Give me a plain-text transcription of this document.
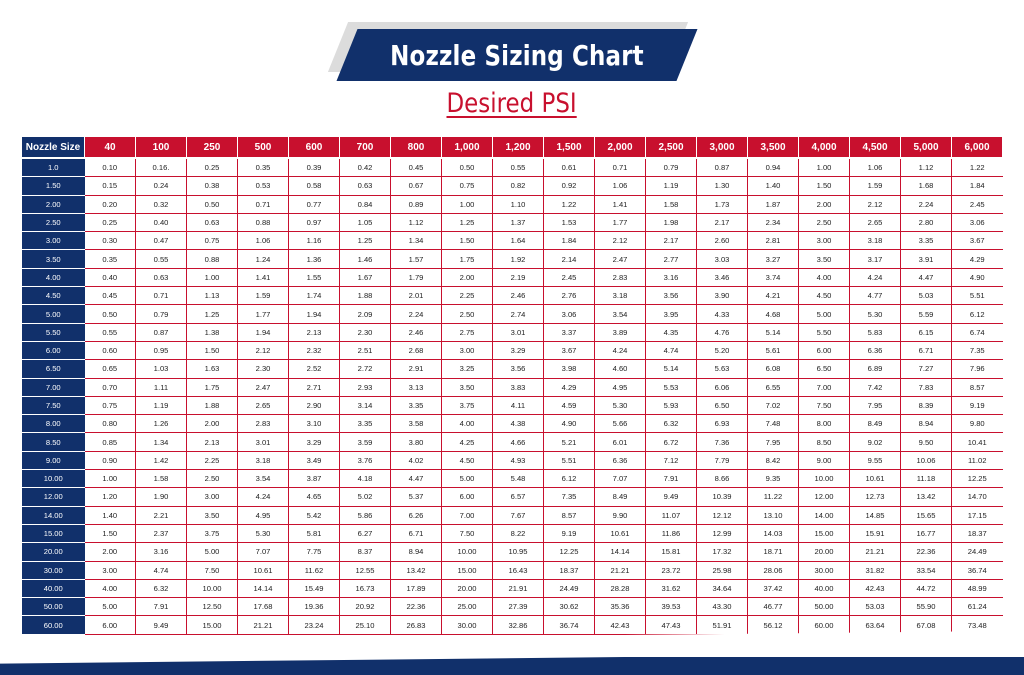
Nozzle Sizing Chart
Desired PSI
Nozzle Size	40	100	250	500	600	700	800	1,000	1,200	1,500	2,000	2,500	3,000	3,500	4,000	4,500	5,000	6,000
1.0	0.10	0.16.	0.25	0.35	0.39	0.42	0.45	0.50	0.55	0.61	0.71	0.79	0.87	0.94	1.00	1.06	1.12	1.22
1.50	0.15	0.24	0.38	0.53	0.58	0.63	0.67	0.75	0.82	0.92	1.06	1.19	1.30	1.40	1.50	1.59	1.68	1.84
2.00	0.20	0.32	0.50	0.71	0.77	0.84	0.89	1.00	1.10	1.22	1.41	1.58	1.73	1.87	2.00	2.12	2.24	2.45
2.50	0.25	0.40	0.63	0.88	0.97	1.05	1.12	1.25	1.37	1.53	1.77	1.98	2.17	2.34	2.50	2.65	2.80	3.06
3.00	0.30	0.47	0.75	1.06	1.16	1.25	1.34	1.50	1.64	1.84	2.12	2.17	2.60	2.81	3.00	3.18	3.35	3.67
3.50	0.35	0.55	0.88	1.24	1.36	1.46	1.57	1.75	1.92	2.14	2.47	2.77	3.03	3.27	3.50	3.17	3.91	4.29
4.00	0.40	0.63	1.00	1.41	1.55	1.67	1.79	2.00	2.19	2.45	2.83	3.16	3.46	3.74	4.00	4.24	4.47	4.90
4.50	0.45	0.71	1.13	1.59	1.74	1.88	2.01	2.25	2.46	2.76	3.18	3.56	3.90	4.21	4.50	4.77	5.03	5.51
5.00	0.50	0.79	1.25	1.77	1.94	2.09	2.24	2.50	2.74	3.06	3.54	3.95	4.33	4.68	5.00	5.30	5.59	6.12
5.50	0.55	0.87	1.38	1.94	2.13	2.30	2.46	2.75	3.01	3.37	3.89	4.35	4.76	5.14	5.50	5.83	6.15	6.74
6.00	0.60	0.95	1.50	2.12	2.32	2.51	2.68	3.00	3.29	3.67	4.24	4.74	5.20	5.61	6.00	6.36	6.71	7.35
6.50	0.65	1.03	1.63	2.30	2.52	2.72	2.91	3.25	3.56	3.98	4.60	5.14	5.63	6.08	6.50	6.89	7.27	7.96
7.00	0.70	1.11	1.75	2.47	2.71	2.93	3.13	3.50	3.83	4.29	4.95	5.53	6.06	6.55	7.00	7.42	7.83	8.57
7.50	0.75	1.19	1.88	2.65	2.90	3.14	3.35	3.75	4.11	4.59	5.30	5.93	6.50	7.02	7.50	7.95	8.39	9.19
8.00	0.80	1.26	2.00	2.83	3.10	3.35	3.58	4.00	4.38	4.90	5.66	6.32	6.93	7.48	8.00	8.49	8.94	9.80
8.50	0.85	1.34	2.13	3.01	3.29	3.59	3.80	4.25	4.66	5.21	6.01	6.72	7.36	7.95	8.50	9.02	9.50	10.41
9.00	0.90	1.42	2.25	3.18	3.49	3.76	4.02	4.50	4.93	5.51	6.36	7.12	7.79	8.42	9.00	9.55	10.06	11.02
10.00	1.00	1.58	2.50	3.54	3.87	4.18	4.47	5.00	5.48	6.12	7.07	7.91	8.66	9.35	10.00	10.61	11.18	12.25
12.00	1.20	1.90	3.00	4.24	4.65	5.02	5.37	6.00	6.57	7.35	8.49	9.49	10.39	11.22	12.00	12.73	13.42	14.70
14.00	1.40	2.21	3.50	4.95	5.42	5.86	6.26	7.00	7.67	8.57	9.90	11.07	12.12	13.10	14.00	14.85	15.65	17.15
15.00	1.50	2.37	3.75	5.30	5.81	6.27	6.71	7.50	8.22	9.19	10.61	11.86	12.99	14.03	15.00	15.91	16.77	18.37
20.00	2.00	3.16	5.00	7.07	7.75	8.37	8.94	10.00	10.95	12.25	14.14	15.81	17.32	18.71	20.00	21.21	22.36	24.49
30.00	3.00	4.74	7.50	10.61	11.62	12.55	13.42	15.00	16.43	18.37	21.21	23.72	25.98	28.06	30.00	31.82	33.54	36.74
40.00	4.00	6.32	10.00	14.14	15.49	16.73	17.89	20.00	21.91	24.49	28.28	31.62	34.64	37.42	40.00	42.43	44.72	48.99
50.00	5.00	7.91	12.50	17.68	19.36	20.92	22.36	25.00	27.39	30.62	35.36	39.53	43.30	46.77	50.00	53.03	55.90	61.24
60.00	6.00	9.49	15.00	21.21	23.24	25.10	26.83	30.00	32.86	36.74	42.43	47.43	51.91	56.12	60.00	63.64	67.08	73.48
